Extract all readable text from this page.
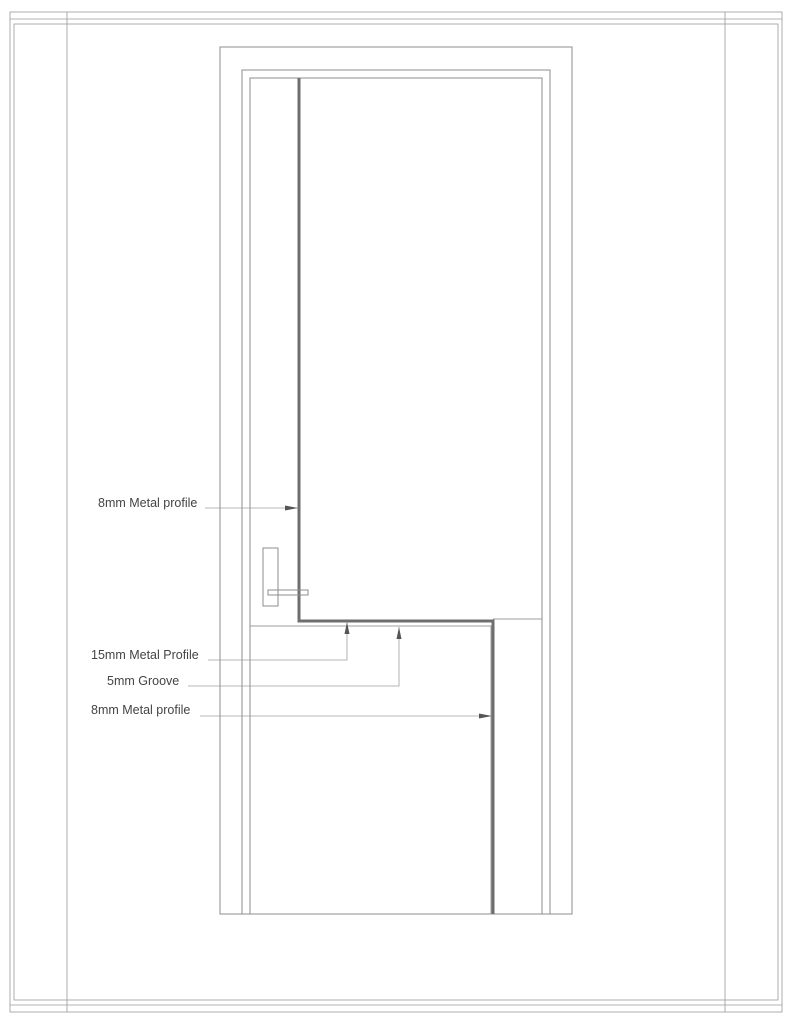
8mm Metal profile
15mm Metal Profile
5mm Groove
8mm Metal profile
